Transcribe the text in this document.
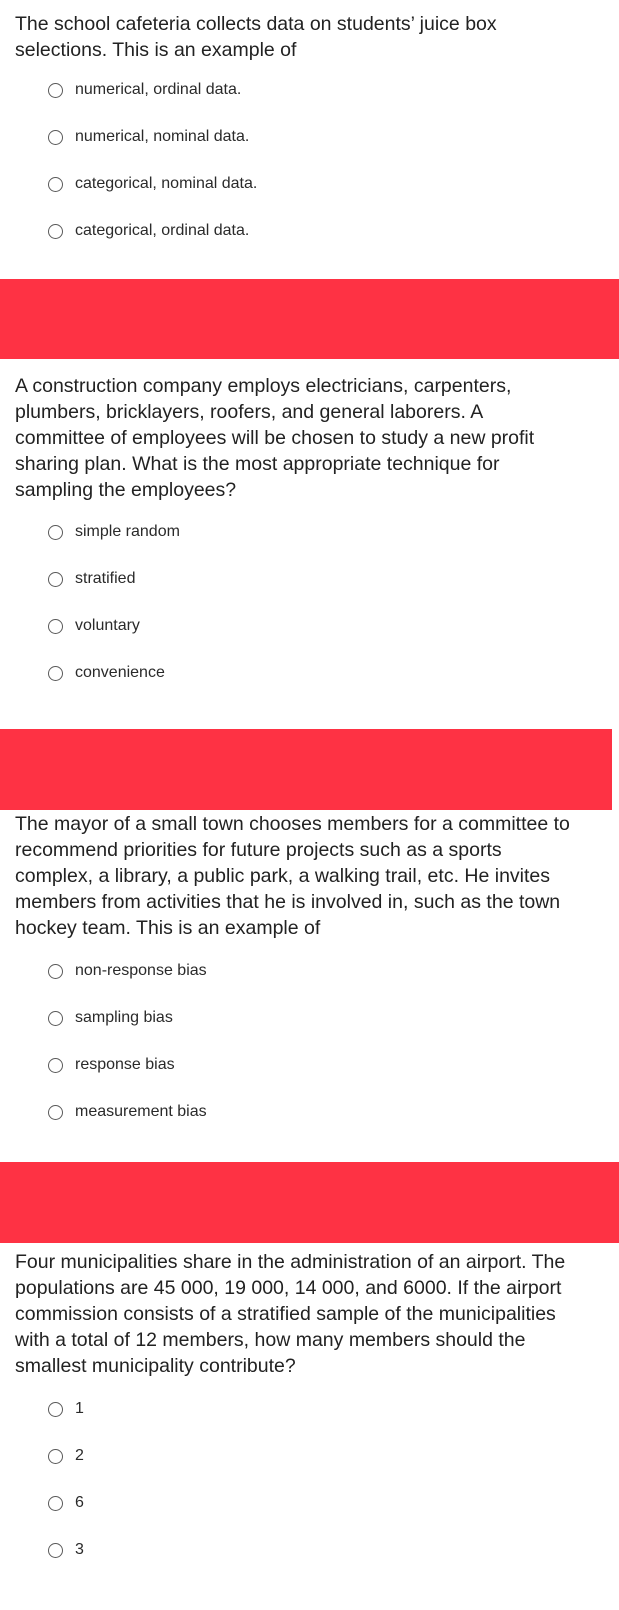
The school cafeteria collects data on students’ juice box selections. This is an example of

numerical, ordinal data.
numerical, nominal data.
categorical, nominal data.
categorical, ordinal data.

A construction company employs electricians, carpenters, plumbers, bricklayers, roofers, and general laborers. A committee of employees will be chosen to study a new profit sharing plan. What is the most appropriate technique for sampling the employees?

simple random
stratified
voluntary
convenience

The mayor of a small town chooses members for a committee to recommend priorities for future projects such as a sports complex, a library, a public park, a walking trail, etc. He invites members from activities that he is involved in, such as the town hockey team. This is an example of

non-response bias
sampling bias
response bias
measurement bias

Four municipalities share in the administration of an airport. The populations are 45 000, 19 000, 14 000, and 6000. If the airport commission consists of a stratified sample of the municipalities with a total of 12 members, how many members should the smallest municipality contribute?

1
2
6
3
